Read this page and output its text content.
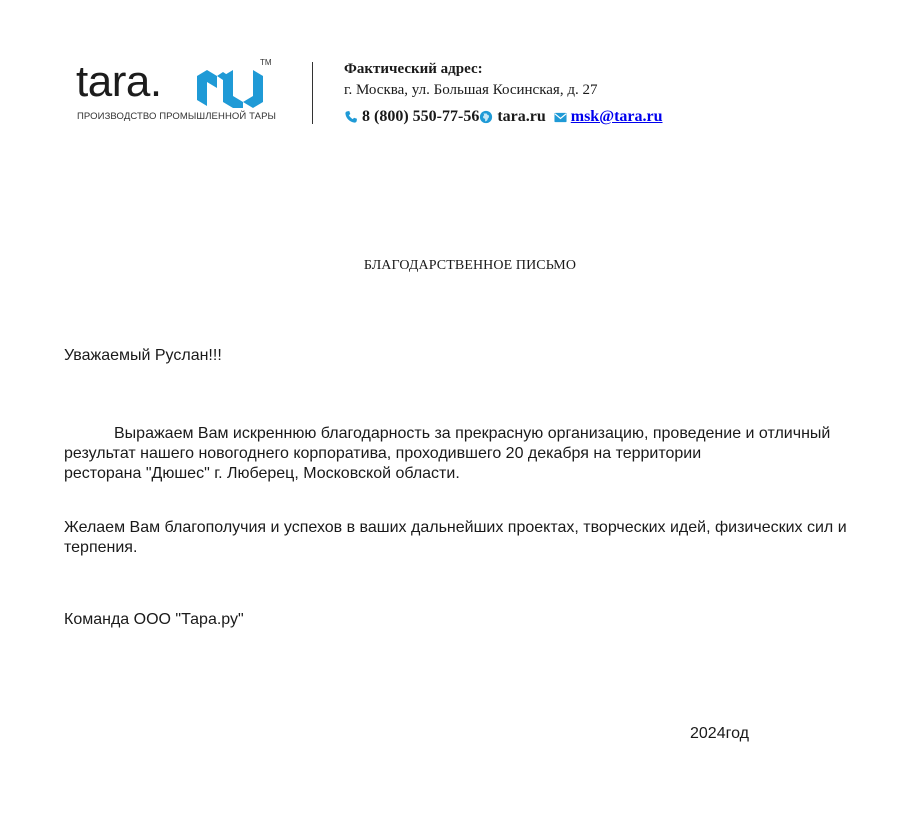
tara.	TM
ПРОИЗВОДСТВО ПРОМЫШЛЕННОЙ ТАРЫ
Фактический адрес:
г. Москва, ул. Большая Косинская, д. 27
8 (800) 550-77-56 tara.ru msk@tara.ru
БЛАГОДАРСТВЕННОЕ ПИСЬМО
Уважаемый Руслан!!!
Выражаем Вам искреннюю благодарность за прекрасную организацию, проведение и отличный
результат нашего новогоднего корпоратива, проходившего 20 декабря на территории
ресторана "Дюшес" г. Люберец, Московской области.
Желаем Вам благополучия и успехов в ваших дальнейших проектах, творческих идей, физических сил и терпения.
Команда ООО "Тара.ру"
2024год
